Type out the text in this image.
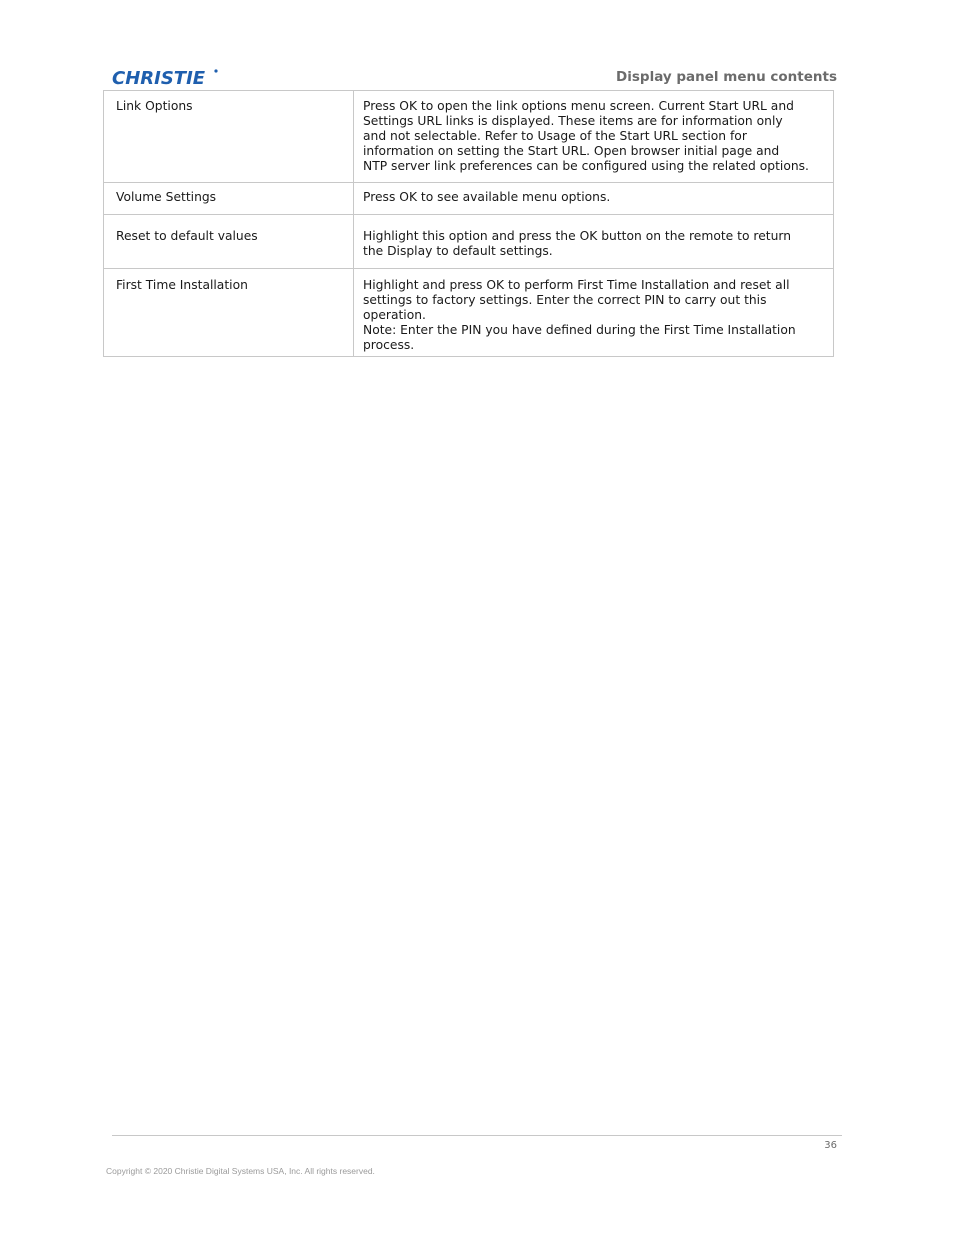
CHRISTIE	Display panel menu contents
Link Options	Press OK to open the link options menu screen. Current Start URL and
Settings URL links is displayed. These items are for information only
and not selectable. Refer to Usage of the Start URL section for
information on setting the Start URL. Open browser initial page and
NTP server link preferences can be configured using the related options.

Volume Settings	Press OK to see available menu options.

Reset to default values	Highlight this option and press the OK button on the remote to return
the Display to default settings.

First Time Installation	Highlight and press OK to perform First Time Installation and reset all
settings to factory settings. Enter the correct PIN to carry out this
operation.
Note: Enter the PIN you have defined during the First Time Installation
process.
36
Copyright © 2020 Christie Digital Systems USA, Inc. All rights reserved.
